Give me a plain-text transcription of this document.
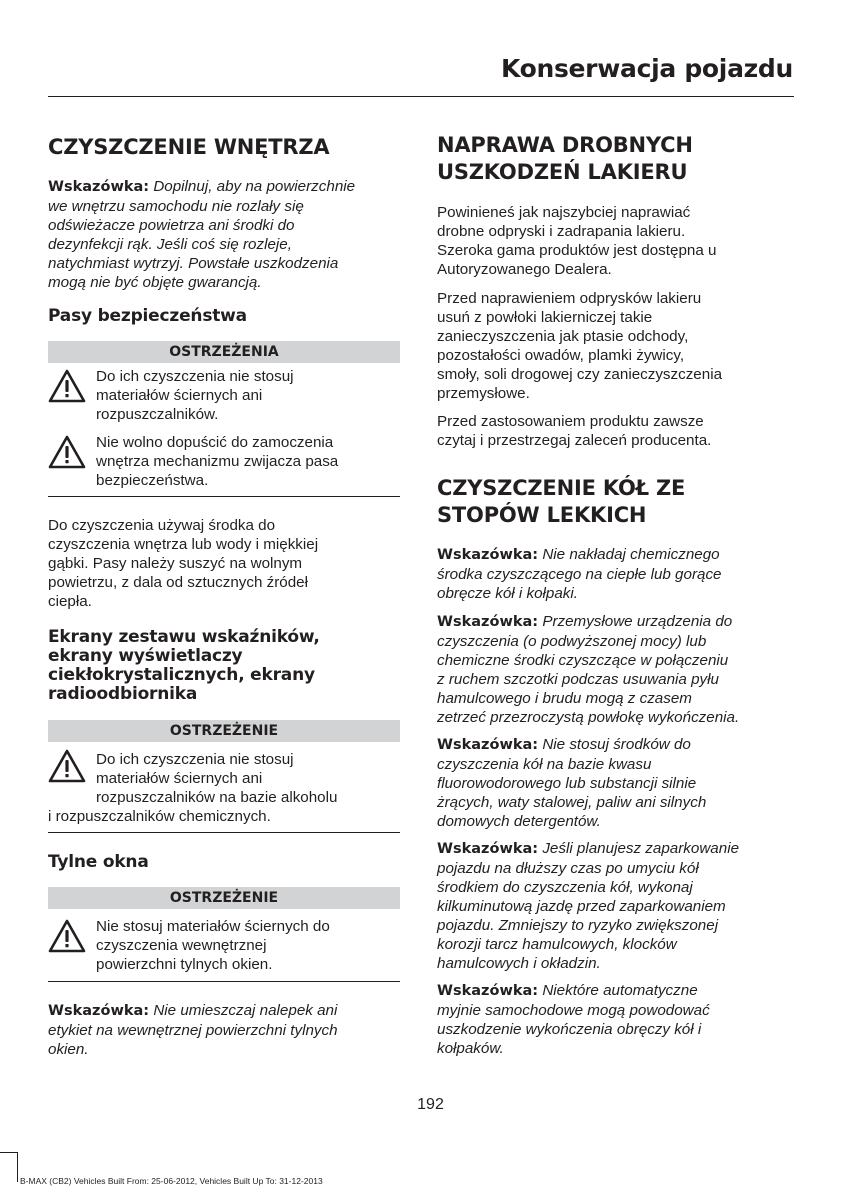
Konserwacja pojazdu
CZYSZCZENIE WNĘTRZA

Wskazówka: Dopilnuj, aby na powierzchnie
we wnętrzu samochodu nie rozlały się
odświeżacze powietrza ani środki do
dezynfekcji rąk. Jeśli coś się rozleje,
natychmiast wytrzyj. Powstałe uszkodzenia
mogą nie być objęte gwarancją.

Pasy bezpieczeństwa
OSTRZEŻENIA

Do ich czyszczenia nie stosuj
materiałów ściernych ani
rozpuszczalników.

Nie wolno dopuścić do zamoczenia
wnętrza mechanizmu zwijacza pasa
bezpieczeństwa.

Do czyszczenia używaj środka do
czyszczenia wnętrza lub wody i miękkiej
gąbki. Pasy należy suszyć na wolnym
powietrzu, z dala od sztucznych źródeł
ciepła.

Ekrany zestawu wskaźników,
ekrany wyświetlaczy
ciekłokrystalicznych, ekrany
radioodbiornika
OSTRZEŻENIE

Do ich czyszczenia nie stosuj
materiałów ściernych ani
rozpuszczalników na bazie alkoholu

i rozpuszczalników chemicznych.

Tylne okna
OSTRZEŻENIE

Nie stosuj materiałów ściernych do
czyszczenia wewnętrznej
powierzchni tylnych okien.

Wskazówka: Nie umieszczaj nalepek ani
etykiet na wewnętrznej powierzchni tylnych
okien.

NAPRAWA DROBNYCH
USZKODZEŃ LAKIERU

Powinieneś jak najszybciej naprawiać
drobne odpryski i zadrapania lakieru.
Szeroka gama produktów jest dostępna u
Autoryzowanego Dealera.

Przed naprawieniem odprysków lakieru
usuń z powłoki lakierniczej takie
zanieczyszczenia jak ptasie odchody,
pozostałości owadów, plamki żywicy,
smoły, soli drogowej czy zanieczyszczenia
przemysłowe.

Przed zastosowaniem produktu zawsze
czytaj i przestrzegaj zaleceń producenta.

CZYSZCZENIE KÓŁ ZE
STOPÓW LEKKICH

Wskazówka: Nie nakładaj chemicznego
środka czyszczącego na ciepłe lub gorące
obręcze kół i kołpaki.

Wskazówka: Przemysłowe urządzenia do
czyszczenia (o podwyższonej mocy) lub
chemiczne środki czyszczące w połączeniu
z ruchem szczotki podczas usuwania pyłu
hamulcowego i brudu mogą z czasem
zetrzeć przezroczystą powłokę wykończenia.

Wskazówka: Nie stosuj środków do
czyszczenia kół na bazie kwasu
fluorowodorowego lub substancji silnie
żrących, waty stalowej, paliw ani silnych
domowych detergentów.

Wskazówka: Jeśli planujesz zaparkowanie
pojazdu na dłuższy czas po umyciu kół
środkiem do czyszczenia kół, wykonaj
kilkuminutową jazdę przed zaparkowaniem
pojazdu. Zmniejszy to ryzyko zwiększonej
korozji tarcz hamulcowych, klocków
hamulcowych i okładzin.

Wskazówka: Niektóre automatyczne
myjnie samochodowe mogą powodować
uszkodzenie wykończenia obręczy kół i
kołpaków.

192
B-MAX (CB2) Vehicles Built From: 25-06-2012, Vehicles Built Up To: 31-12-2013
